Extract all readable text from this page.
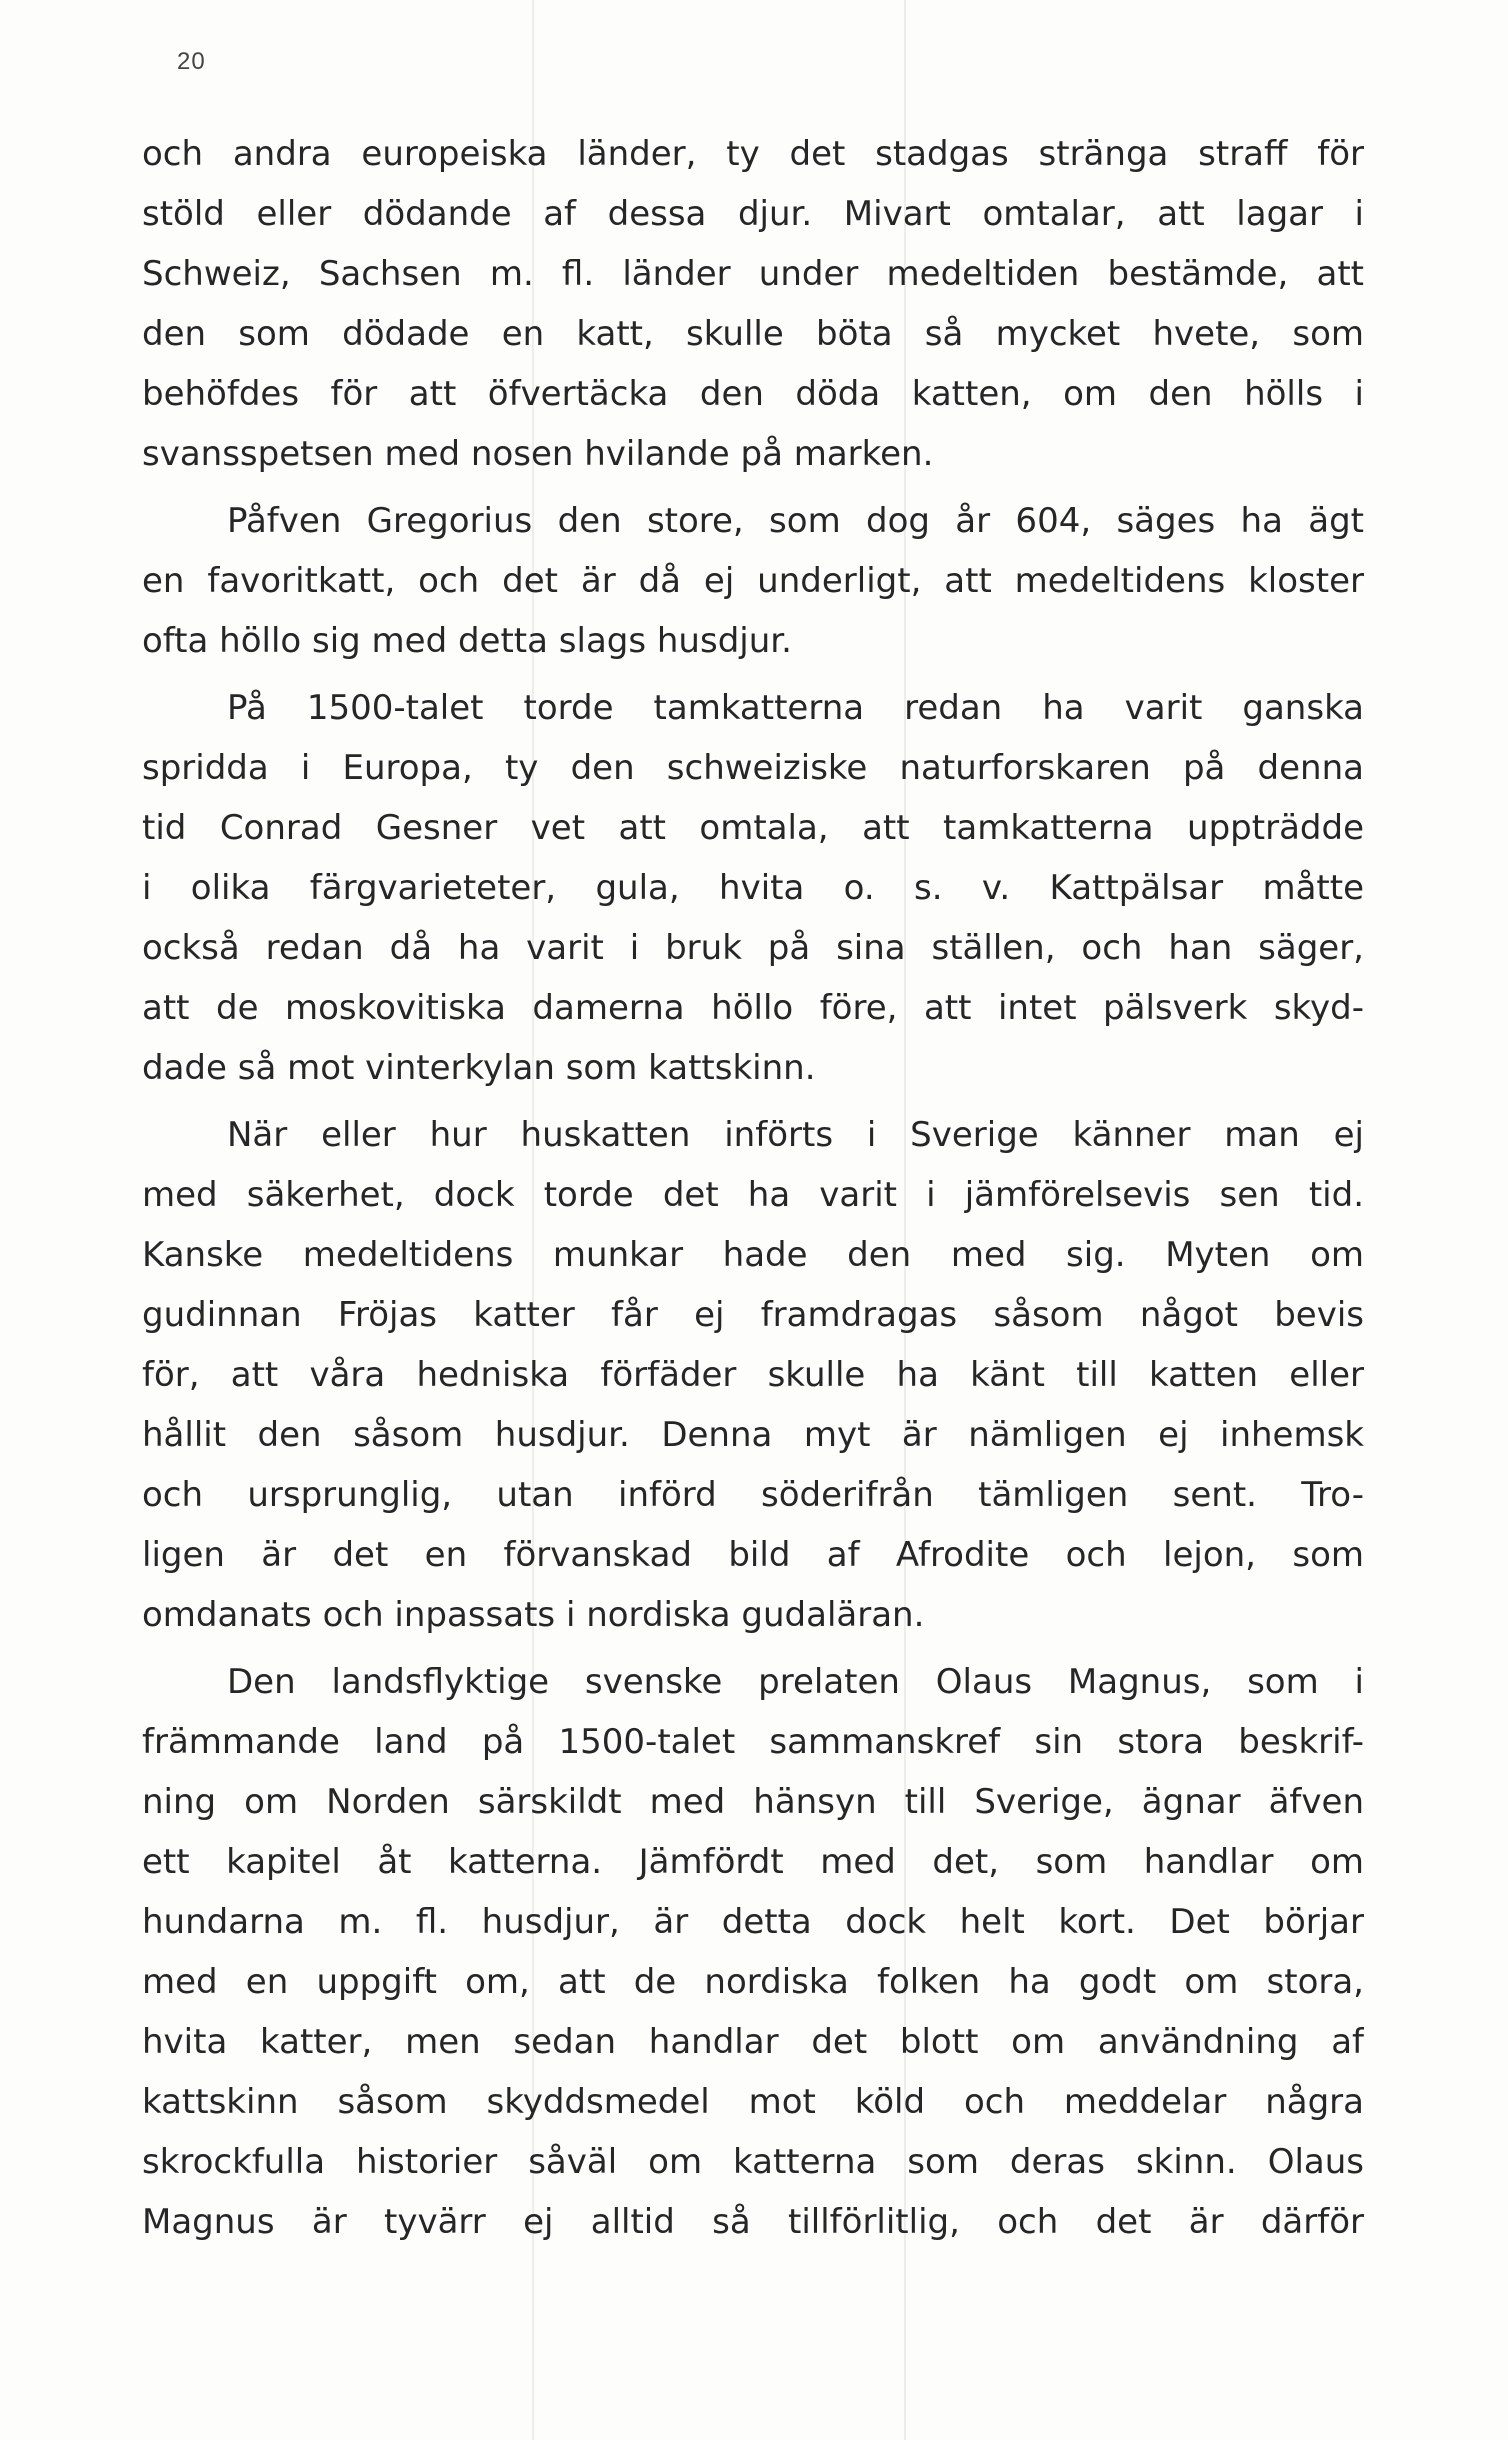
20
och andra europeiska länder, ty det stadgas stränga straff för
stöld eller dödande af dessa djur. Mivart omtalar, att lagar i
Schweiz, Sachsen m. fl. länder under medeltiden bestämde, att
den som dödade en katt, skulle böta så mycket hvete, som
behöfdes för att öfvertäcka den döda katten, om den hölls i
svansspetsen med nosen hvilande på marken.
Påfven Gregorius den store, som dog år 604, säges ha ägt
en favoritkatt, och det är då ej underligt, att medeltidens kloster
ofta höllo sig med detta slags husdjur.
På 1500-talet torde tamkatterna redan ha varit ganska
spridda i Europa, ty den schweiziske naturforskaren på denna
tid Conrad Gesner vet att omtala, att tamkatterna uppträdde
i olika färgvarieteter, gula, hvita o. s. v. Kattpälsar måtte
också redan då ha varit i bruk på sina ställen, och han säger,
att de moskovitiska damerna höllo före, att intet pälsverk skyd-
dade så mot vinterkylan som kattskinn.
När eller hur huskatten införts i Sverige känner man ej
med säkerhet, dock torde det ha varit i jämförelsevis sen tid.
Kanske medeltidens munkar hade den med sig. Myten om
gudinnan Fröjas katter får ej framdragas såsom något bevis
för, att våra hedniska förfäder skulle ha känt till katten eller
hållit den såsom husdjur. Denna myt är nämligen ej inhemsk
och ursprunglig, utan införd söderifrån tämligen sent. Tro-
ligen är det en förvanskad bild af Afrodite och lejon, som
omdanats och inpassats i nordiska gudaläran.
Den landsflyktige svenske prelaten Olaus Magnus, som i
främmande land på 1500-talet sammanskref sin stora beskrif-
ning om Norden särskildt med hänsyn till Sverige, ägnar äfven
ett kapitel åt katterna. Jämfördt med det, som handlar om
hundarna m. fl. husdjur, är detta dock helt kort. Det börjar
med en uppgift om, att de nordiska folken ha godt om stora,
hvita katter, men sedan handlar det blott om användning af
kattskinn såsom skyddsmedel mot köld och meddelar några
skrockfulla historier såväl om katterna som deras skinn. Olaus
Magnus är tyvärr ej alltid så tillförlitlig, och det är därför
